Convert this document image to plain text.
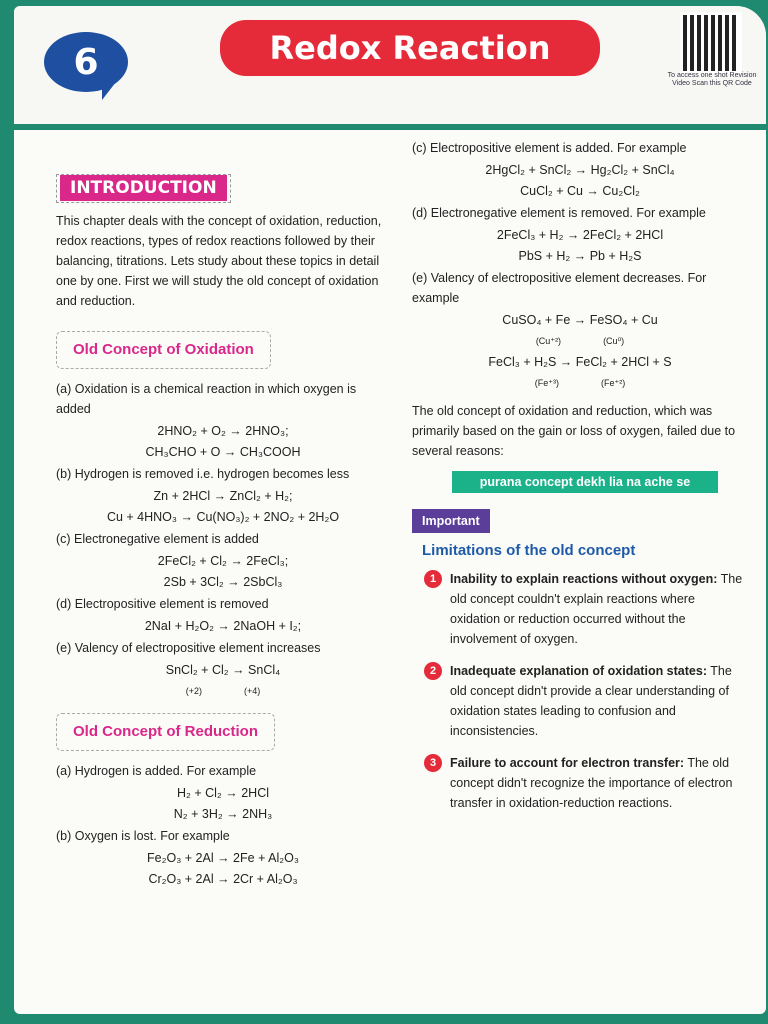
6	Redox Reaction
To access one shot Revision Video Scan this QR Code
INTRODUCTION

This chapter deals with the concept of oxidation, reduction, redox reactions, types of redox reactions followed by their balancing, titrations. Lets study about these topics in detail one by one. First we will study the old concept of oxidation and reduction.

Old Concept of Oxidation
(a) Oxidation is a chemical reaction in which oxygen is added
2HNO₂ + O₂ → 2HNO₃;
CH₃CHO + O → CH₃COOH
(b) Hydrogen is removed i.e. hydrogen becomes less
Zn + 2HCl → ZnCl₂ + H₂;
Cu + 4HNO₃ → Cu(NO₃)₂ + 2NO₂ + 2H₂O
(c) Electronegative element is added
2FeCl₂ + Cl₂ → 2FeCl₃;
2Sb + 3Cl₂ → 2SbCl₃
(d) Electropositive element is removed
2NaI + H₂O₂ → 2NaOH + I₂;
(e) Valency of electropositive element increases
SnCl₂ + Cl₂ → SnCl₄
(+2)	(+4)
Old Concept of Reduction
(a) Hydrogen is added. For example
H₂ + Cl₂ → 2HCl
N₂ + 3H₂ → 2NH₃
(b) Oxygen is lost. For example
Fe₂O₃ + 2Al → 2Fe + Al₂O₃
Cr₂O₃ + 2Al → 2Cr + Al₂O₃
(c) Electropositive element is added. For example
2HgCl₂ + SnCl₂ → Hg₂Cl₂ + SnCl₄
CuCl₂ + Cu → Cu₂Cl₂
(d) Electronegative element is removed. For example
2FeCl₃ + H₂ → 2FeCl₂ + 2HCl
PbS + H₂ → Pb + H₂S
(e) Valency of electropositive element decreases. For example
CuSO₄ + Fe → FeSO₄ + Cu
(Cu⁺²)	(Cu⁰)
FeCl₃ + H₂S → FeCl₂ + 2HCl + S
(Fe⁺³)	(Fe⁺²)

The old concept of oxidation and reduction, which was primarily based on the gain or loss of oxygen, failed due to several reasons:

purana concept dekh lia na ache se
Important
Limitations of the old concept
1	Inability to explain reactions without oxygen: The old concept couldn't explain reactions where oxidation or reduction occurred without the involvement of oxygen.
2	Inadequate explanation of oxidation states: The old concept didn't provide a clear understanding of oxidation states leading to confusion and inconsistencies.
3	Failure to account for electron transfer: The old concept didn't recognize the importance of electron transfer in oxidation-reduction reactions.
